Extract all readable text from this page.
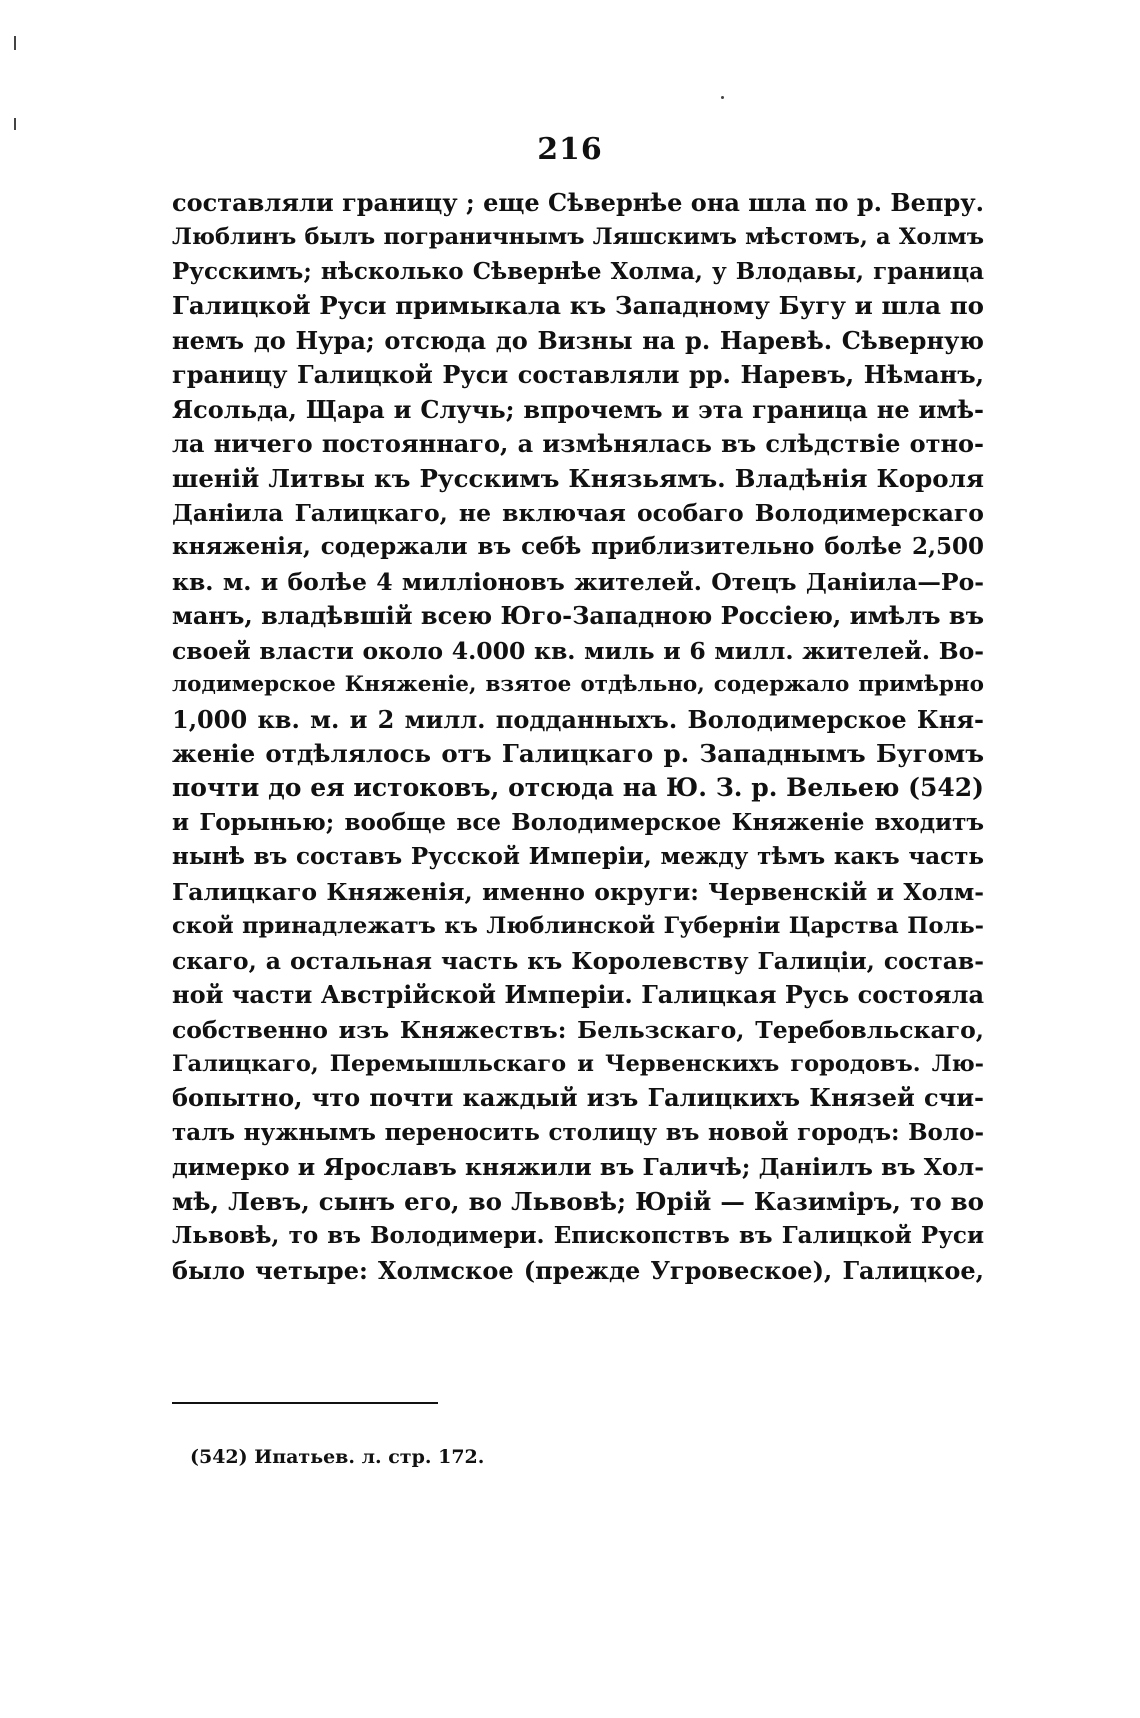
216
составляли границу ; еще Сѣвернѣе она шла по р. Вепру.
Люблинъ былъ пограничнымъ Ляшскимъ мѣстомъ, а Холмъ
Русскимъ; нѣсколько Сѣвернѣе Холма, у Влодавы, граница
Галицкой Руси примыкала къ Западному Бугу и шла по
немъ до Нура; отсюда до Визны на р. Наревѣ. Сѣверную
границу Галицкой Руси составляли рр. Наревъ, Нѣманъ,
Ясольда, Щара и Случь; впрочемъ и эта граница не имѣ-
ла ничего постояннаго, а измѣнялась въ слѣдствіе отно-
шеній Литвы къ Русскимъ Князьямъ. Владѣнія Короля
Даніила Галицкаго, не включая особаго Володимерскаго
княженія, содержали въ себѣ приблизительно болѣе 2,500
кв. м. и болѣе 4 милліоновъ жителей. Отецъ Даніила—Ро-
манъ, владѣвшій всею Юго-Западною Россіею, имѣлъ въ
своей власти около 4.000 кв. миль и 6 милл. жителей. Во-
лодимерское Княженіе, взятое отдѣльно, содержало примѣрно
1,000 кв. м. и 2 милл. подданныхъ. Володимерское Кня-
женіе отдѣлялось отъ Галицкаго р. Западнымъ Бугомъ
почти до ея истоковъ, отсюда на Ю. З. р. Вельею (542)
и Горынью; вообще все Володимерское Княженіе входитъ
нынѣ въ составъ Русской Имперіи, между тѣмъ какъ часть
Галицкаго Княженія, именно округи: Червенскій и Холм-
ской принадлежатъ къ Люблинской Губерніи Царства Поль-
скаго, а остальная часть къ Королевству Галиціи, состав-
ной части Австрійской Имперіи. Галицкая Русь состояла
собственно изъ Княжествъ: Бельзскаго, Теребовльскаго,
Галицкаго, Перемышльскаго и Червенскихъ городовъ. Лю-
бопытно, что почти каждый изъ Галицкихъ Князей счи-
талъ нужнымъ переносить столицу въ новой городъ: Воло-
димерко и Ярославъ княжили въ Галичѣ; Даніилъ въ Хол-
мѣ, Левъ, сынъ его, во Львовѣ; Юрій — Казиміръ, то во
Львовѣ, то въ Володимери. Епископствъ въ Галицкой Руси
было четыре: Холмское (прежде Угровеское), Галицкое,
(542) Ипатьев. л. стр. 172.
